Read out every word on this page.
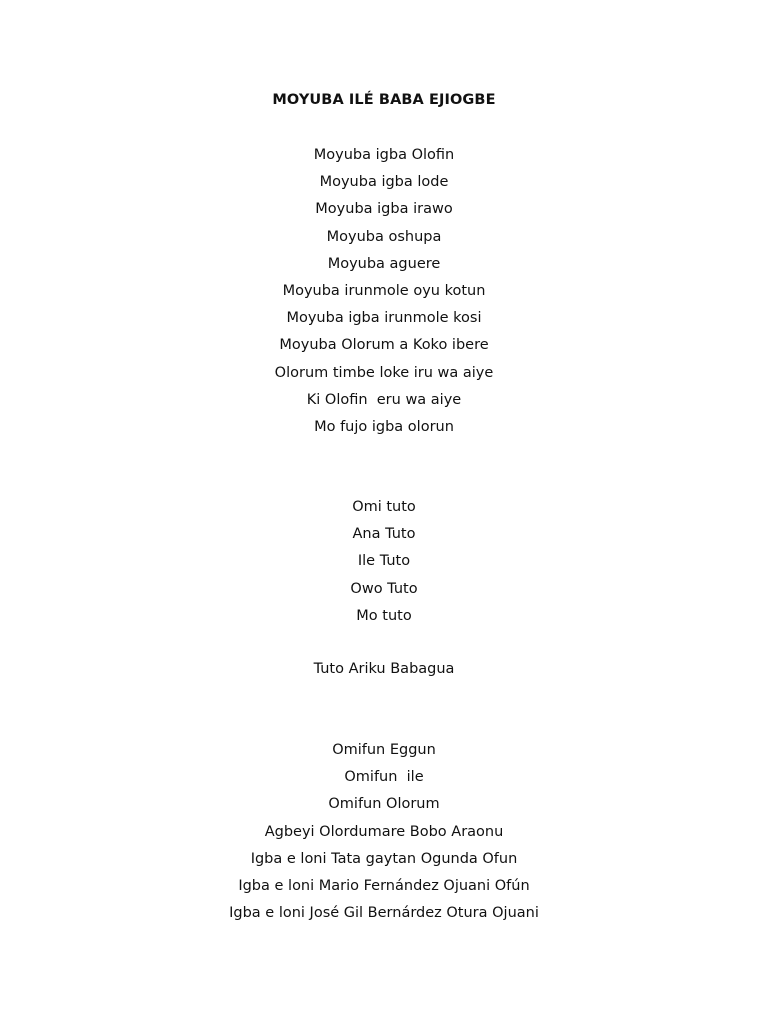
MOYUBA ILÉ BABA EJIOGBE
Moyuba igba Olofin
Moyuba igba lode
Moyuba igba irawo
Moyuba oshupa
Moyuba aguere
Moyuba irunmole oyu kotun
Moyuba igba irunmole kosi
Moyuba Olorum a Koko ibere
Olorum timbe loke iru wa aiye
Ki Olofin  eru wa aiye
Mo fujo igba olorun
Omi tuto
Ana Tuto
Ile Tuto
Owo Tuto
Mo tuto
Tuto Ariku Babagua
Omifun Eggun
Omifun  ile
Omifun Olorum
Agbeyi Olordumare Bobo Araonu
Igba e loni Tata gaytan Ogunda Ofun
Igba e loni Mario Fernández Ojuani Ofún
Igba e loni José Gil Bernárdez Otura Ojuani
